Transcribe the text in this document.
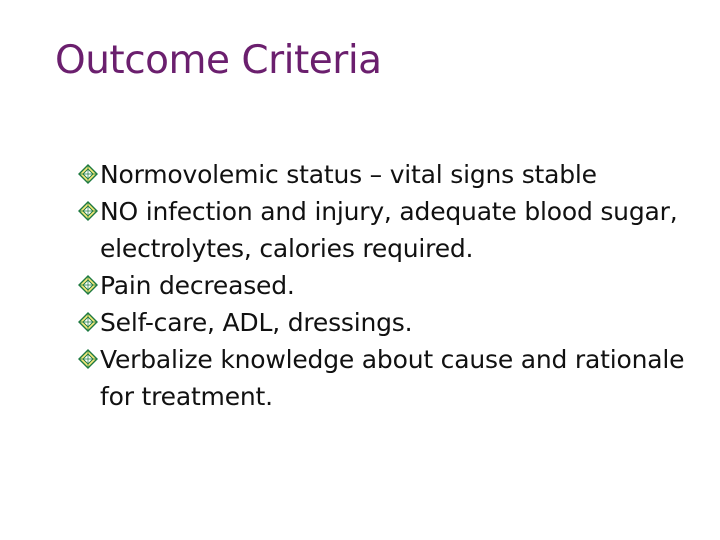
Outcome Criteria
Normovolemic status – vital signs stable
NO infection and injury, adequate blood sugar, electrolytes, calories required.
Pain decreased.
Self-care, ADL, dressings.
Verbalize knowledge about cause and rationale for treatment.
